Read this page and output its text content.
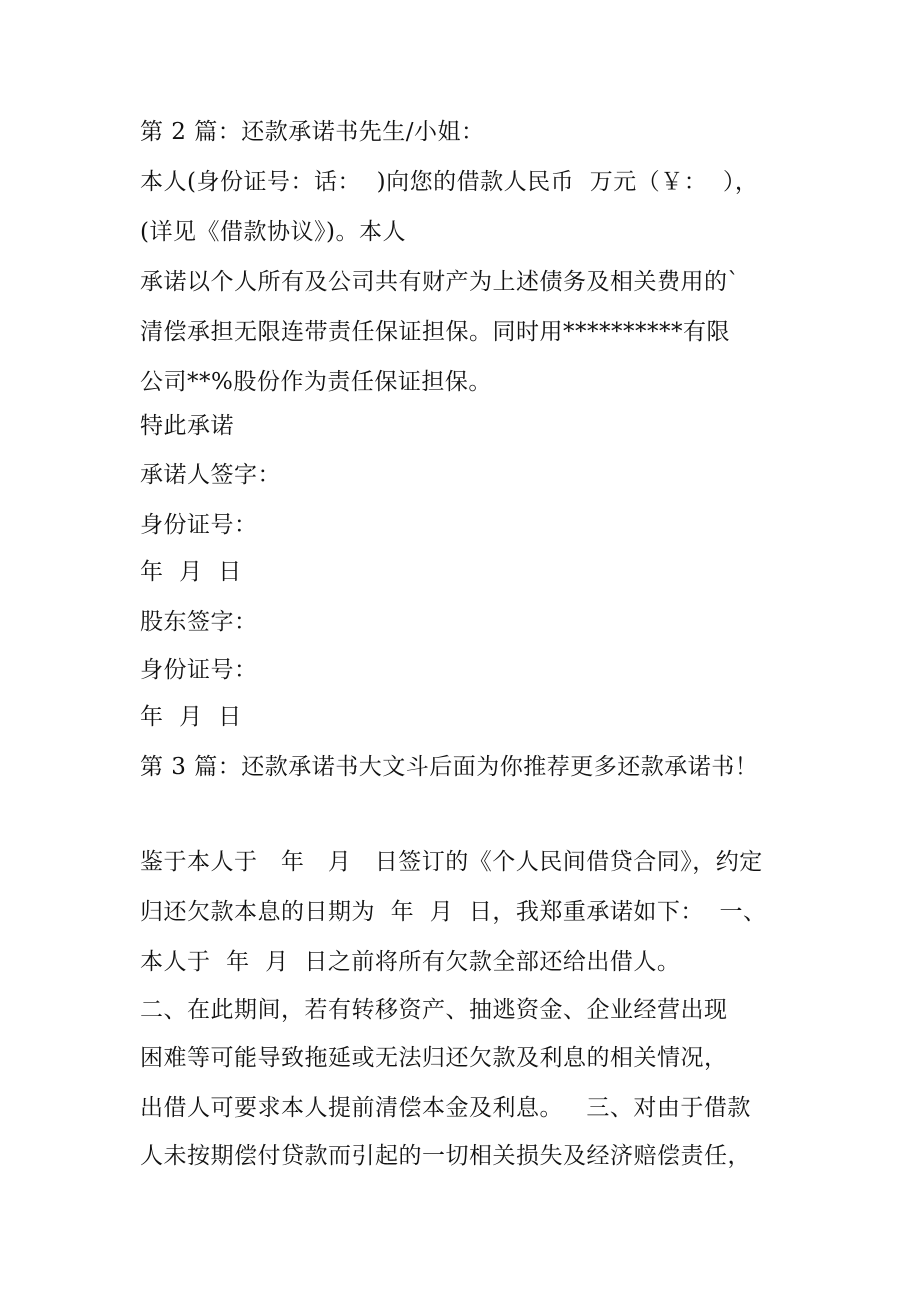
第 2 篇：还款承诺书先生/小姐：
本人(身份证号：话：  )向您的借款人民币  万元（￥：  ），
(详见《借款协议》)。本人
承诺以个人所有及公司共有财产为上述债务及相关费用的`
清偿承担无限连带责任保证担保。同时用**********有限
公司**%股份作为责任保证担保。
特此承诺
承诺人签字：
身份证号：
年  月  日
股东签字：
身份证号：
年  月  日
第 3 篇：还款承诺书大文斗后面为你推荐更多还款承诺书！
鉴于本人于   年   月   日签订的《个人民间借贷合同》，约定
归还欠款本息的日期为  年  月  日，我郑重承诺如下：  一、
本人于  年  月  日之前将所有欠款全部还给出借人。
二、在此期间，若有转移资产、抽逃资金、企业经营出现
困难等可能导致拖延或无法归还欠款及利息的相关情况，
出借人可要求本人提前清偿本金及利息。   三、对由于借款
人未按期偿付贷款而引起的一切相关损失及经济赔偿责任，
